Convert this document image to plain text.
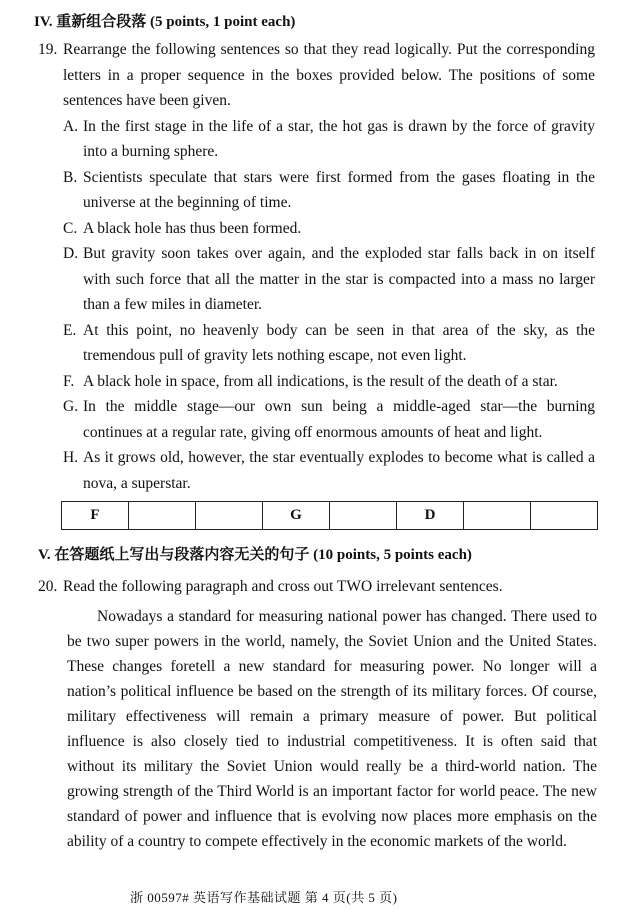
IV. 重新组合段落 (5 points, 1 point each)
19. Rearrange the following sentences so that they read logically. Put the corresponding letters in a proper sequence in the boxes provided below. The positions of some sentences have been given.
A. In the first stage in the life of a star, the hot gas is drawn by the force of gravity into a burning sphere.
B. Scientists speculate that stars were first formed from the gases floating in the universe at the beginning of time.
C. A black hole has thus been formed.
D. But gravity soon takes over again, and the exploded star falls back in on itself with such force that all the matter in the star is compacted into a mass no larger than a few miles in diameter.
E. At this point, no heavenly body can be seen in that area of the sky, as the tremendous pull of gravity lets nothing escape, not even light.
F. A black hole in space, from all indications, is the result of the death of a star.
G. In the middle stage—our own sun being a middle-aged star—the burning continues at a regular rate, giving off enormous amounts of heat and light.
H. As it grows old, however, the star eventually explodes to become what is called a nova, a superstar.
F	G	D
V. 在答题纸上写出与段落内容无关的句子 (10 points, 5 points each)
20. Read the following paragraph and cross out TWO irrelevant sentences.
Nowadays a standard for measuring national power has changed. There used to be two super powers in the world, namely, the Soviet Union and the United States. These changes foretell a new standard for measuring power. No longer will a nation’s political influence be based on the strength of its military forces. Of course, military effectiveness will remain a primary measure of power. But political influence is also closely tied to industrial competitiveness. It is often said that without its military the Soviet Union would really be a third-world nation. The growing strength of the Third World is an important factor for world peace. The new standard of power and influence that is evolving now places more emphasis on the ability of a country to compete effectively in the economic markets of the world.
浙 00597# 英语写作基础试题 第 4 页(共 5 页)
